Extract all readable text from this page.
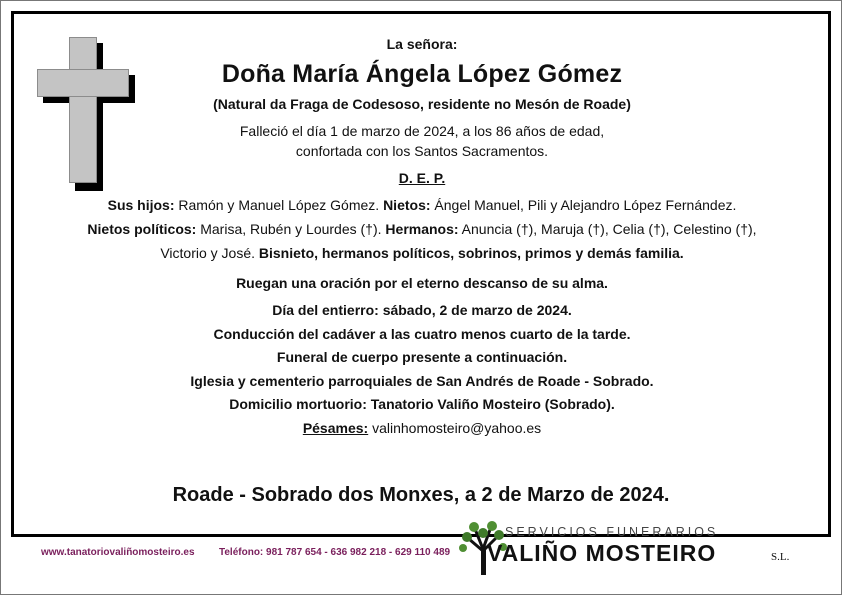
La señora:

Doña María Ángela López Gómez

(Natural da Fraga de Codesoso, residente no Mesón de Roade)

Falleció el día 1 de marzo de 2024, a los 86 años de edad,
confortada con los Santos Sacramentos.

D. E. P.

Sus hijos: Ramón y Manuel López Gómez. Nietos: Ángel Manuel, Pili y Alejandro López Fernández.
Nietos políticos: Marisa, Rubén y Lourdes (†). Hermanos: Anuncia (†), Maruja (†), Celia (†), Celestino (†),
Victorio y José. Bisnieto, hermanos políticos, sobrinos, primos y demás familia.

Ruegan una oración por el eterno descanso de su alma.

Día del entierro: sábado, 2 de marzo de 2024.

Conducción del cadáver a las cuatro menos cuarto de la tarde.

Funeral de cuerpo presente a continuación.

Iglesia y cementerio parroquiales de San Andrés de Roade - Sobrado.

Domicilio mortuorio: Tanatorio Valiño Mosteiro (Sobrado).

Pésames: valinhomosteiro@yahoo.es

Roade - Sobrado dos Monxes, a 2 de Marzo de 2024.
www.tanatoriovaliñomosteiro.es Teléfono: 981 787 654 - 636 982 218 - 629 110 489
SERVICIOS FUNERARIOS
VALIÑO MOSTEIRO	S.L.
